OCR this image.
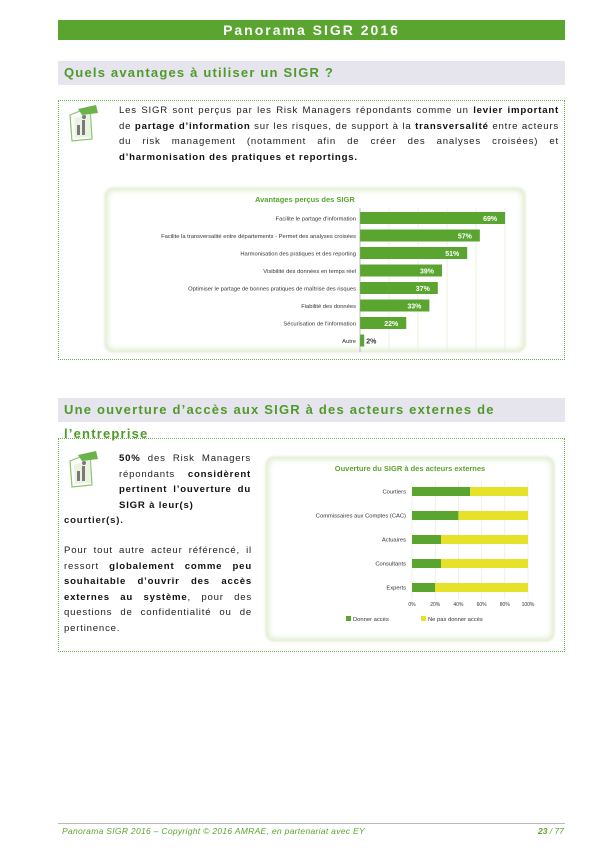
Panorama SIGR 2016
Quels avantages à utiliser un SIGR ?
Les SIGR sont perçus par les Risk Managers répondants comme un levier important de partage d’information sur les risques, de support à la transversalité entre acteurs du risk management (notamment afin de créer des analyses croisées) et d’harmonisation des pratiques et reportings.
Avantages perçus des SIGR
Facilite le partage d'information	69%
Facilite la transversalité entre départements - Permet des analyses croisées	57%
Harmonisation des pratiques et des reporting	51%
Visibilité des données en temps réel	39%
Optimiser le partage de bonnes pratiques de maîtrise des risques	37%
Fiabilité des données	33%
Sécurisation de l'information	22%
Autre 2%
Une ouverture d’accès aux SIGR à des acteurs externes de l’entreprise
50% des Risk Managers répondants considèrent pertinent l’ouverture du SIGR à leur(s)
courtier(s).
Pour tout autre acteur référencé, il ressort globalement comme peu souhaitable d’ouvrir des accès externes au système, pour des questions de confidentialité ou de pertinence.
Ouverture du SIGR à des acteurs externes
0%	20%	40%	60%	80% 100%
Courtiers
Commissaires aux Comptes (CAC)
Actuaires
Consultants
Experts
Donner accès	Ne pas donner accès
Panorama SIGR 2016 – Copyright © 2016 AMRAE, en partenariat avec EY	23 / 77
